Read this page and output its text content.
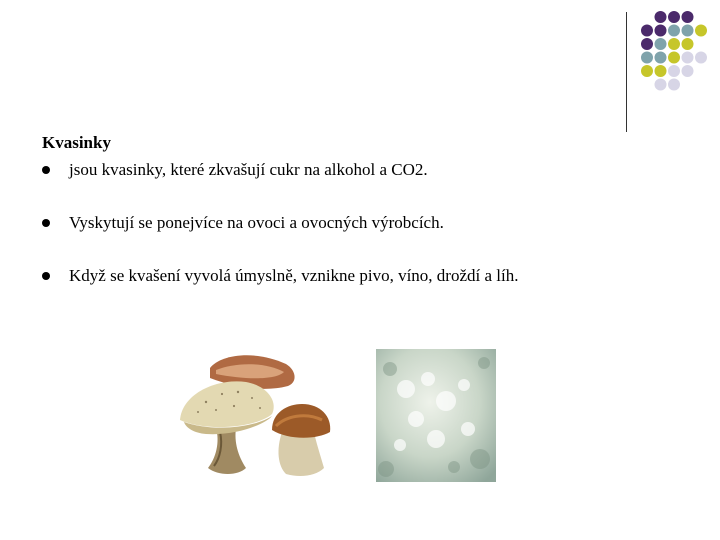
Kvasinky
jsou kvasinky, které zkvašují cukr na alkohol a CO2.
Vyskytují se ponejvíce na ovoci a ovocných výrobcích.
Když se kvašení vyvolá úmyslně, vznikne pivo, víno, droždí a líh.
